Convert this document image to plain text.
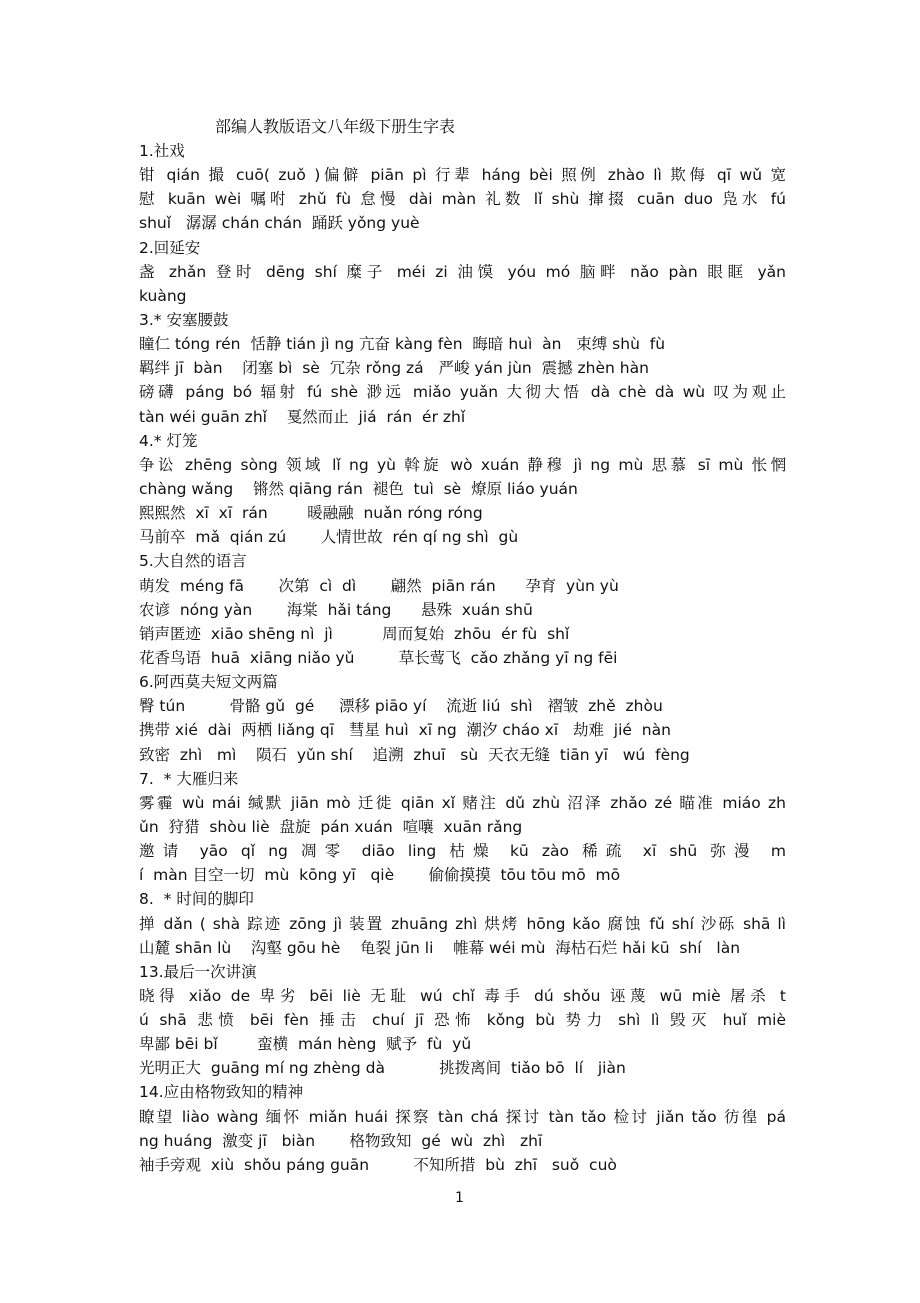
部编人教版语文八年级下册生字表
1.社戏
钳 qián 撮 cuō( zuǒ )偏僻 piān pì 行辈 háng bèi 照例 zhào lì 欺侮 qī wǔ 宽
慰 kuān wèi 嘱咐 zhǔ fù 怠慢 dài màn 礼数 lǐ shù 撺掇 cuān duo 凫水 fú
shuǐ   潺潺 chán chán  踊跃 yǒng yuè
2.回延安
盏 zhǎn 登时 dēng shí 糜子 méi zi 油馍 yóu mó 脑畔 nǎo pàn 眼眶 yǎn
kuàng
3.* 安塞腰鼓
瞳仁 tóng rén  恬静 tián jì ng 亢奋 kàng fèn  晦暗 huì  àn   束缚 shù  fù
羁绊 jī  bàn    闭塞 bì  sè  冗杂 rǒng zá   严峻 yán jùn  震撼 zhèn hàn
磅礴 páng bó 辐射 fú shè 渺远 miǎo yuǎn 大彻大悟 dà chè dà wù 叹为观止
tàn wéi guān zhǐ    戛然而止  jiá  rán  ér zhǐ
4.* 灯笼
争讼 zhēng sòng 领域 lǐ ng yù 斡旋 wò xuán 静穆 jì ng mù 思慕 sī mù 怅惘
chàng wǎng    锵然 qiāng rán  褪色  tuì  sè  燎原 liáo yuán
熙熙然  xī  xī  rán        暖融融  nuǎn róng róng
马前卒  mǎ  qián zú       人情世故  rén qí ng shì  gù
5.大自然的语言
萌发  méng fā       次第  cì  dì       翩然  piān rán      孕育  yùn yù
农谚  nóng yàn       海棠  hǎi táng      悬殊  xuán shū
销声匿迹  xiāo shēng nì  jì          周而复始  zhōu  ér fù  shǐ
花香鸟语  huā  xiāng niǎo yǔ         草长莺飞  cǎo zhǎng yī ng fēi
6.阿西莫夫短文两篇
臀 tún         骨骼 gǔ  gé     漂移 piāo yí    流逝 liú  shì   褶皱  zhě  zhòu
携带 xié  dài  两栖 liǎng qī   彗星 huì  xī ng  潮汐 cháo xī   劫难  jié  nàn
致密  zhì   mì    陨石  yǔn shí    追溯  zhuī   sù  天衣无缝  tiān yī   wú  fèng
7.  * 大雁归来
雾霾 wù mái 缄默 jiān mò 迁徙 qiān xǐ 赌注 dǔ zhù 沼泽 zhǎo zé 瞄准 miáo zh
ǔn  狩猎  shòu liè  盘旋  pán xuán  喧嚷  xuān rǎng
邀请 yāo qǐ ng 凋零 diāo ling 枯燥 kū zào 稀疏 xī shū 弥漫 m
í  màn 目空一切  mù  kōng yī   qiè       偷偷摸摸  tōu tōu mō  mō
8.  * 时间的脚印
掸 dǎn ( shà 踪迹 zōng jì 装置 zhuāng zhì 烘烤 hōng kǎo 腐蚀 fǔ shí 沙砾 shā lì
山麓 shān lù    沟壑 gōu hè    龟裂 jūn li    帷幕 wéi mù  海枯石烂 hǎi kū  shí   làn
13.最后一次讲演
晓得 xiǎo de 卑劣 bēi liè 无耻 wú chǐ 毒手 dú shǒu 诬蔑 wū miè 屠杀 t
ú shā 悲愤 bēi fèn 捶击 chuí jī 恐怖 kǒng bù 势力 shì lì 毁灭 huǐ miè
卑鄙 bēi bǐ        蛮横  mán hèng  赋予  fù  yǔ
光明正大  guāng mí ng zhèng dà           挑拨离间  tiǎo bō  lí   jiàn
14.应由格物致知的精神
瞭望 liào wàng 缅怀 miǎn huái 探察 tàn chá 探讨 tàn tǎo 检讨 jiǎn tǎo 彷徨 pá
ng huáng  激变 jī   biàn       格物致知  gé  wù  zhì   zhī
袖手旁观  xiù  shǒu páng guān         不知所措  bù  zhī   suǒ  cuò
1
